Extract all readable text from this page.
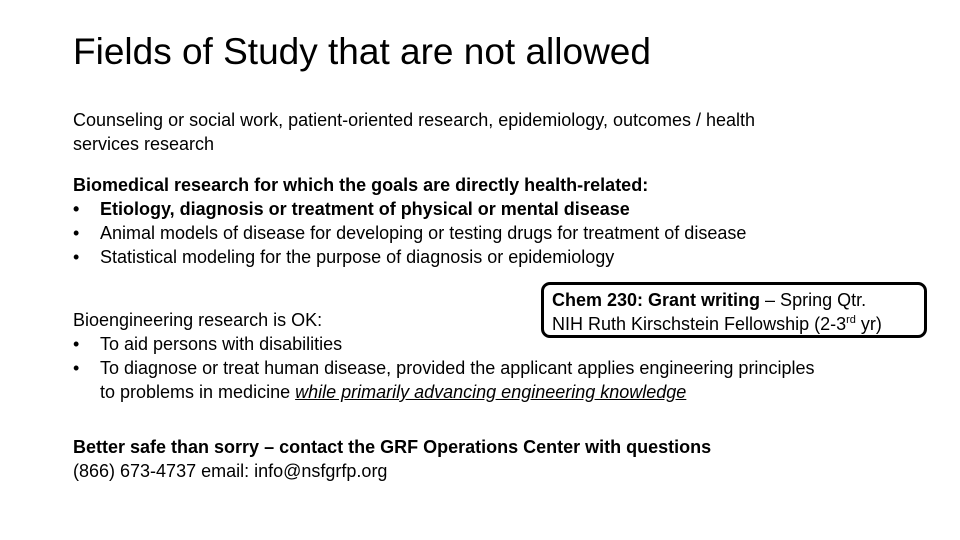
Fields of Study that are not allowed
Counseling or social work, patient-oriented research, epidemiology, outcomes / health
services research
Biomedical research for which the goals are directly health-related:
• Etiology, diagnosis or treatment of physical or mental disease
• Animal models of disease for developing or testing drugs for treatment of disease
• Statistical modeling for the purpose of diagnosis or epidemiology
Bioengineering research is OK:
• To aid persons with disabilities
• To diagnose or treat human disease, provided the applicant applies engineering principles
to problems in medicine while primarily advancing engineering knowledge
Better safe than sorry – contact the GRF Operations Center with questions
(866) 673-4737 email: info@nsfgrfp.org
Chem 230: Grant writing – Spring Qtr.
NIH Ruth Kirschstein Fellowship (2-3rd yr)
